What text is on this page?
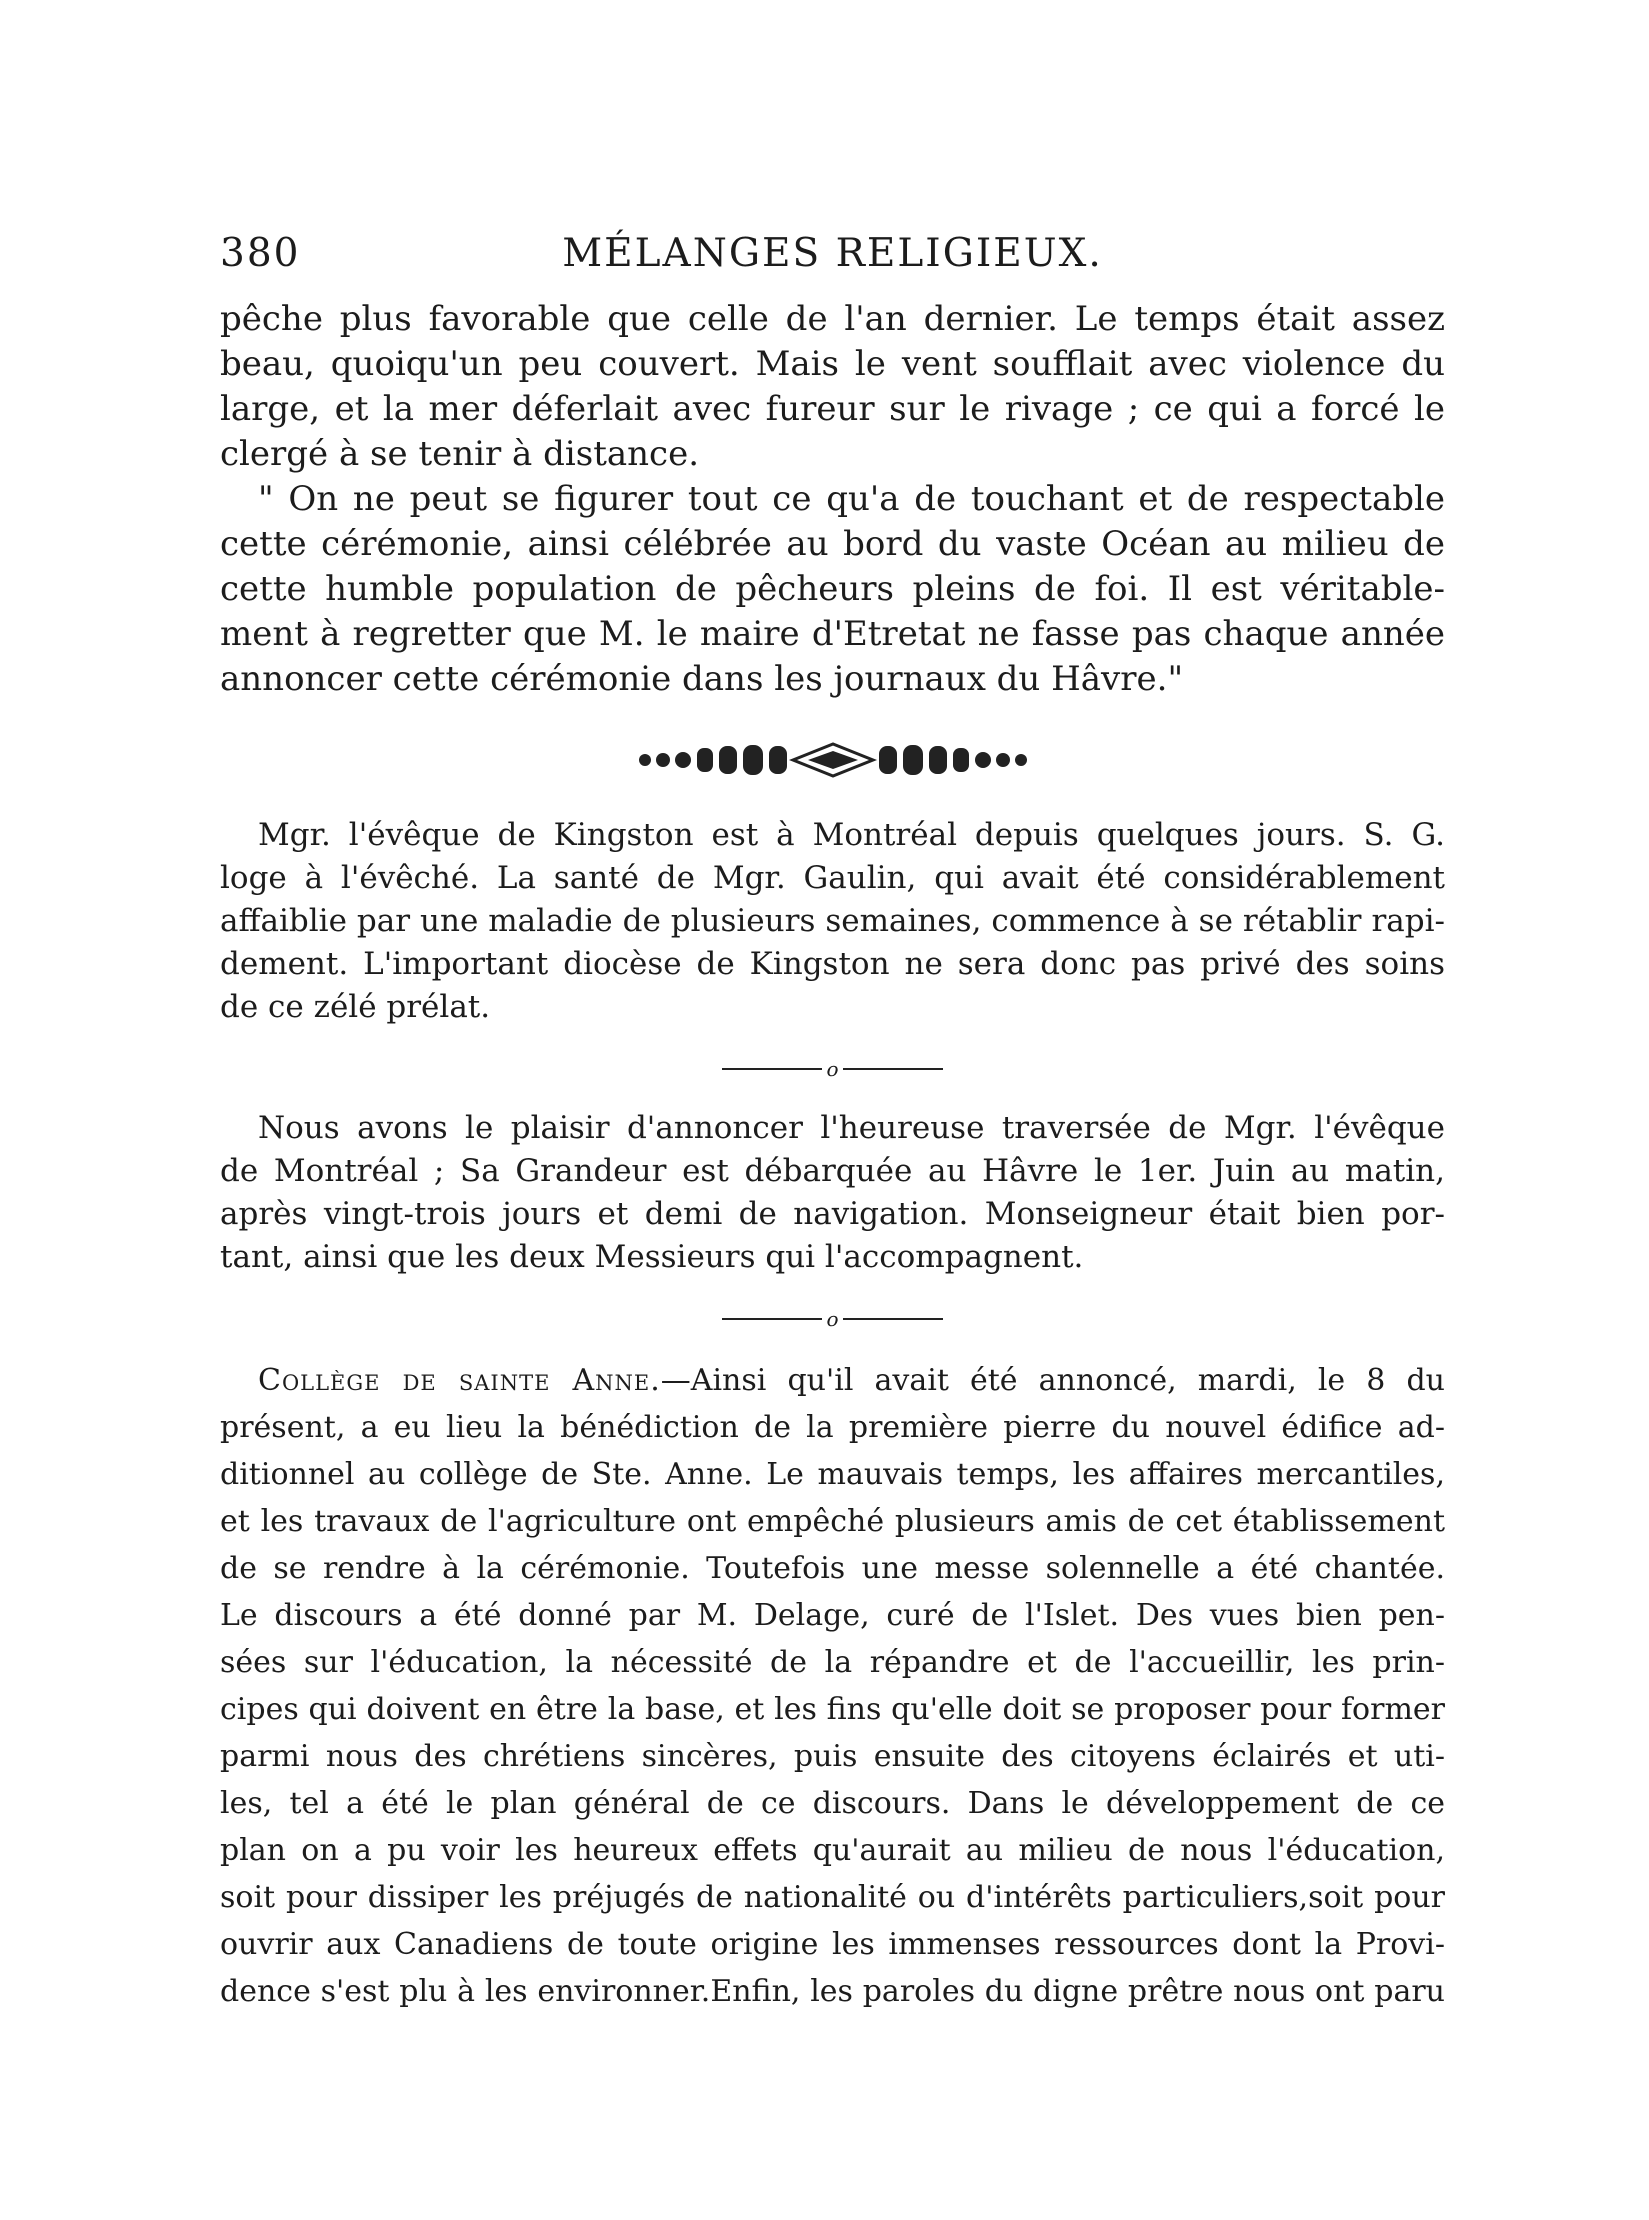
380	MÉLANGES RELIGIEUX.
pêche plus favorable que celle de l'an dernier. Le temps était assez
beau, quoiqu'un peu couvert. Mais le vent soufflait avec violence du
large, et la mer déferlait avec fureur sur le rivage ; ce qui a forcé le
clergé à se tenir à distance.
" On ne peut se figurer tout ce qu'a de touchant et de respectable
cette cérémonie, ainsi célébrée au bord du vaste Océan au milieu de
cette humble population de pêcheurs pleins de foi. Il est véritable-
ment à regretter que M. le maire d'Etretat ne fasse pas chaque année
annoncer cette cérémonie dans les journaux du Hâvre."
Mgr. l'évêque de Kingston est à Montréal depuis quelques jours. S. G.
loge à l'évêché. La santé de Mgr. Gaulin, qui avait été considérablement
affaiblie par une maladie de plusieurs semaines, commence à se rétablir rapi-
dement. L'important diocèse de Kingston ne sera donc pas privé des soins
de ce zélé prélat.
o
Nous avons le plaisir d'annoncer l'heureuse traversée de Mgr. l'évêque
de Montréal ; Sa Grandeur est débarquée au Hâvre le 1er. Juin au matin,
après vingt-trois jours et demi de navigation. Monseigneur était bien por-
tant, ainsi que les deux Messieurs qui l'accompagnent.
o
Collège de sainte Anne.—Ainsi qu'il avait été annoncé, mardi, le 8 du
présent, a eu lieu la bénédiction de la première pierre du nouvel édifice ad-
ditionnel au collège de Ste. Anne. Le mauvais temps, les affaires mercantiles,
et les travaux de l'agriculture ont empêché plusieurs amis de cet établissement
de se rendre à la cérémonie. Toutefois une messe solennelle a été chantée.
Le discours a été donné par M. Delage, curé de l'Islet. Des vues bien pen-
sées sur l'éducation, la nécessité de la répandre et de l'accueillir, les prin-
cipes qui doivent en être la base, et les fins qu'elle doit se proposer pour former
parmi nous des chrétiens sincères, puis ensuite des citoyens éclairés et uti-
les, tel a été le plan général de ce discours. Dans le développement de ce
plan on a pu voir les heureux effets qu'aurait au milieu de nous l'éducation,
soit pour dissiper les préjugés de nationalité ou d'intérêts particuliers,soit pour
ouvrir aux Canadiens de toute origine les immenses ressources dont la Provi-
dence s'est plu à les environner.Enfin, les paroles du digne prêtre nous ont paru
